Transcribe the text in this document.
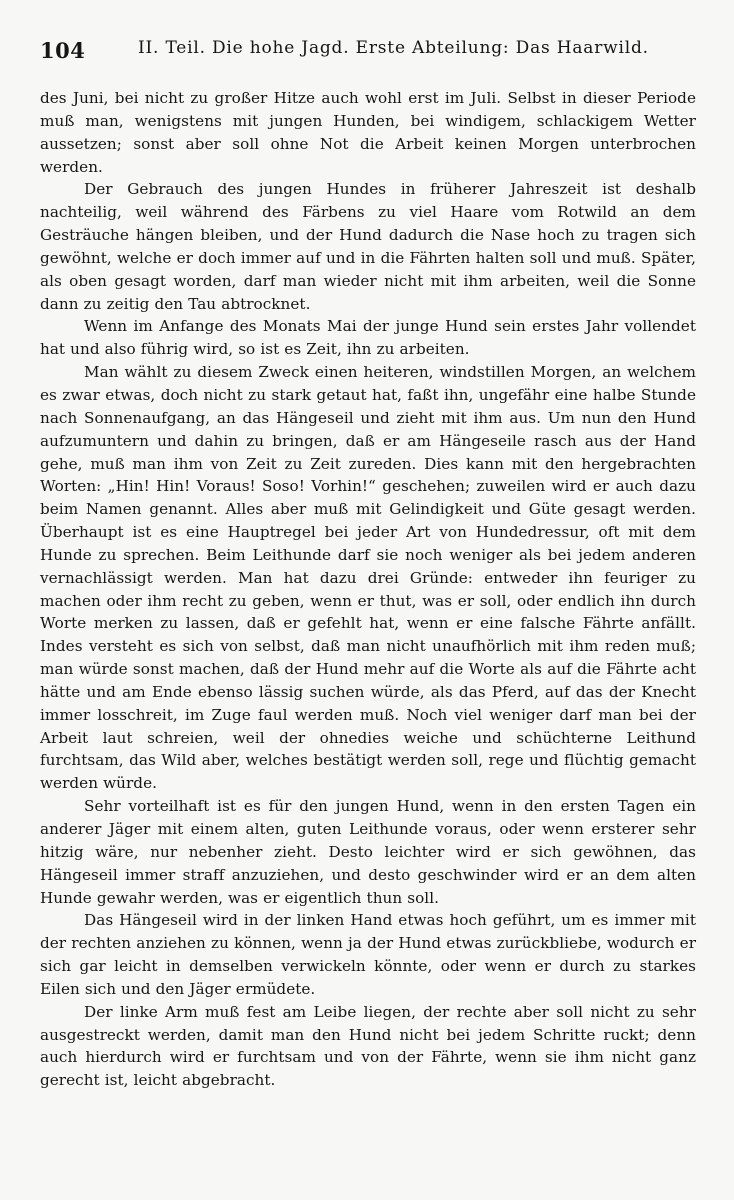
104	II. Teil. Die hohe Jagd. Erste Abteilung: Das Haarwild.

des Juni, bei nicht zu großer Hitze auch wohl erst im Juli. Selbst in dieser Periode muß man, wenigstens mit jungen Hunden, bei windigem, schlackigem Wetter aussetzen; sonst aber soll ohne Not die Arbeit keinen Morgen unterbrochen werden.

Der Gebrauch des jungen Hundes in früherer Jahreszeit ist deshalb nachteilig, weil während des Färbens zu viel Haare vom Rotwild an dem Gesträuche hängen bleiben, und der Hund dadurch die Nase hoch zu tragen sich gewöhnt, welche er doch immer auf und in die Fährten halten soll und muß. Später, als oben gesagt worden, darf man wieder nicht mit ihm arbeiten, weil die Sonne dann zu zeitig den Tau abtrocknet.

Wenn im Anfange des Monats Mai der junge Hund sein erstes Jahr vollendet hat und also führig wird, so ist es Zeit, ihn zu arbeiten.

Man wählt zu diesem Zweck einen heiteren, windstillen Morgen, an welchem es zwar etwas, doch nicht zu stark getaut hat, faßt ihn, ungefähr eine halbe Stunde nach Sonnenaufgang, an das Hängeseil und zieht mit ihm aus. Um nun den Hund aufzumuntern und dahin zu bringen, daß er am Hängeseile rasch aus der Hand gehe, muß man ihm von Zeit zu Zeit zureden. Dies kann mit den hergebrachten Worten: „Hin! Hin! Voraus! Soso! Vorhin!“ geschehen; zuweilen wird er auch dazu beim Namen genannt. Alles aber muß mit Gelindigkeit und Güte gesagt werden. Überhaupt ist es eine Hauptregel bei jeder Art von Hundedressur, oft mit dem Hunde zu sprechen. Beim Leithunde darf sie noch weniger als bei jedem anderen vernachlässigt werden. Man hat dazu drei Gründe: entweder ihn feuriger zu machen oder ihm recht zu geben, wenn er thut, was er soll, oder endlich ihn durch Worte merken zu lassen, daß er gefehlt hat, wenn er eine falsche Fährte anfällt. Indes versteht es sich von selbst, daß man nicht unaufhörlich mit ihm reden muß; man würde sonst machen, daß der Hund mehr auf die Worte als auf die Fährte acht hätte und am Ende ebenso lässig suchen würde, als das Pferd, auf das der Knecht immer losschreit, im Zuge faul werden muß. Noch viel weniger darf man bei der Arbeit laut schreien, weil der ohnedies weiche und schüchterne Leithund furchtsam, das Wild aber, welches bestätigt werden soll, rege und flüchtig gemacht werden würde.

Sehr vorteilhaft ist es für den jungen Hund, wenn in den ersten Tagen ein anderer Jäger mit einem alten, guten Leithunde voraus, oder wenn ersterer sehr hitzig wäre, nur nebenher zieht. Desto leichter wird er sich gewöhnen, das Hängeseil immer straff anzuziehen, und desto geschwinder wird er an dem alten Hunde gewahr werden, was er eigentlich thun soll.

Das Hängeseil wird in der linken Hand etwas hoch geführt, um es immer mit der rechten anziehen zu können, wenn ja der Hund etwas zurückbliebe, wodurch er sich gar leicht in demselben verwickeln könnte, oder wenn er durch zu starkes Eilen sich und den Jäger ermüdete.

Der linke Arm muß fest am Leibe liegen, der rechte aber soll nicht zu sehr ausgestreckt werden, damit man den Hund nicht bei jedem Schritte ruckt; denn auch hierdurch wird er furchtsam und von der Fährte, wenn sie ihm nicht ganz gerecht ist, leicht abgebracht.
